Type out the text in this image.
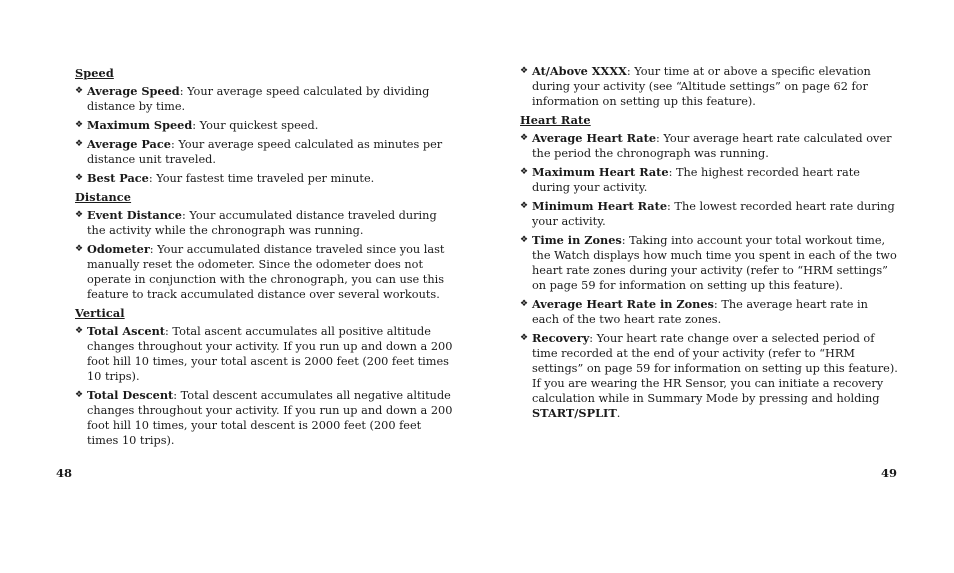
Speed
❖ Average Speed: Your average speed calculated by dividing distance by time.
❖ Maximum Speed: Your quickest speed.
❖ Average Pace: Your average speed calculated as minutes per distance unit traveled.
❖ Best Pace: Your fastest time traveled per minute.
Distance
❖ Event Distance: Your accumulated distance traveled during the activity while the chronograph was running.
❖ Odometer: Your accumulated distance traveled since you last manually reset the odometer. Since the odometer does not operate in conjunction with the chronograph, you can use this feature to track accumulated distance over several workouts.
Vertical
❖ Total Ascent: Total ascent accumulates all positive altitude changes throughout your activity. If you run up and down a 200 foot hill 10 times, your total ascent is 2000 feet (200 feet times 10 trips).
❖ Total Descent: Total descent accumulates all negative altitude changes throughout your activity. If you run up and down a 200 foot hill 10 times, your total descent is 2000 feet (200 feet times 10 trips).
❖ At/Above XXXX: Your time at or above a specific elevation during your activity (see “Altitude settings” on page 62 for information on setting up this feature).
Heart Rate
❖ Average Heart Rate: Your average heart rate calculated over the period the chronograph was running.
❖ Maximum Heart Rate: The highest recorded heart rate during your activity.
❖ Minimum Heart Rate: The lowest recorded heart rate during your activity.
❖ Time in Zones: Taking into account your total workout time, the Watch displays how much time you spent in each of the two heart rate zones during your activity (refer to “HRM settings” on page 59 for information on setting up this feature).
❖ Average Heart Rate in Zones: The average heart rate in each of the two heart rate zones.
❖ Recovery: Your heart rate change over a selected period of time recorded at the end of your activity (refer to “HRM settings” on page 59 for information on setting up this feature). If you are wearing the HR Sensor, you can initiate a recovery calculation while in Summary Mode by pressing and holding START/SPLIT.
48	49
